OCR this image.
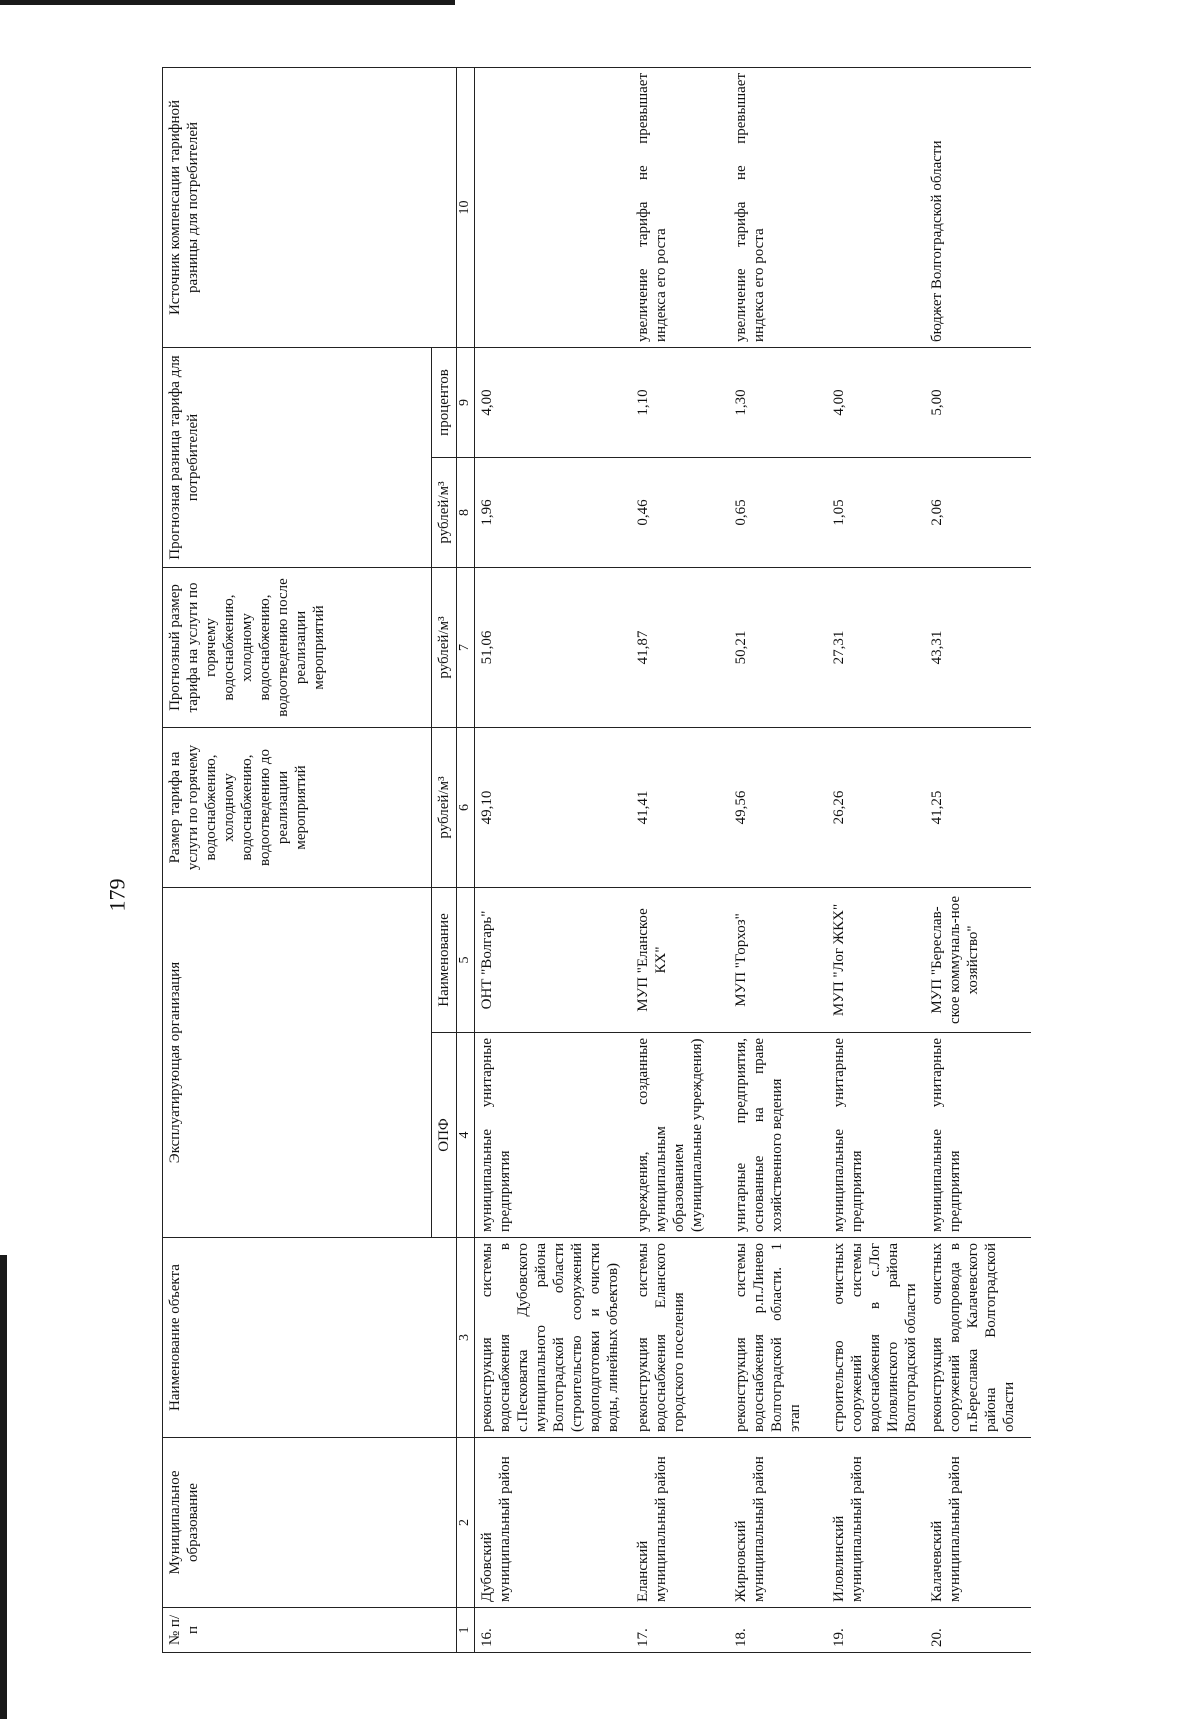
179
№ п/п	Муниципальное образование	Наименование объекта	Эксплуатирующая организация		Размер тарифа на услуги по горячему водоснабжению, холодному водоснабжению, водоотведению до реализации мероприятий	Прогнозный размер тарифа на услуги по горячему водоснабжению, холодному водоснабжению, водоотведению после реализации мероприятий	Прогнозная разница тарифа для потребителей		Источник компенсации тарифной разницы для потребителей
			ОПФ	Наименование	рублей/м³	рублей/м³	рублей/м³	процентов	
1	2	3	4	5	6	7	8	9	10
16.	Дубовский муниципальный район	реконструкция системы водоснабжения в с.Песковатка Дубовского муниципального района Волгоградской области (строительство сооружений водоподготовки и очистки воды, линейных объектов)	муниципальные унитарные предприятия	ОНТ "Волгарь"	49,10	51,06	1,96	4,00	
17.	Еланский муниципальный район	реконструкция системы водоснабжения Еланского городского поселения	учреждения, созданные муниципальным образованием (муниципальные учреждения)	МУП "Еланское КХ"	41,41	41,87	0,46	1,10	увеличение тарифа не превышает индекса его роста
18.	Жирновский муниципальный район	реконструкция системы водоснабжения р.п.Линево Волгоградской области. 1 этап	унитарные предприятия, основанные на праве хозяйственного ведения	МУП "Горхоз"	49,56	50,21	0,65	1,30	увеличение тарифа не превышает индекса его роста
19.	Иловлинский муниципальный район	строительство очистных сооружений системы водоснабжения в с.Лог Иловлинского района Волгоградской области	муниципальные унитарные предприятия	МУП "Лог ЖКХ"	26,26	27,31	1,05	4,00	
20.	Калачевский муниципальный район	реконструкция очистных сооружений водопровода в п.Береславка Калачевского района Волгоградской области	муниципальные унитарные предприятия	МУП "Береслав-ское коммуналь-ное хозяйство"	41,25	43,31	2,06	5,00	бюджет Волгоградской области
